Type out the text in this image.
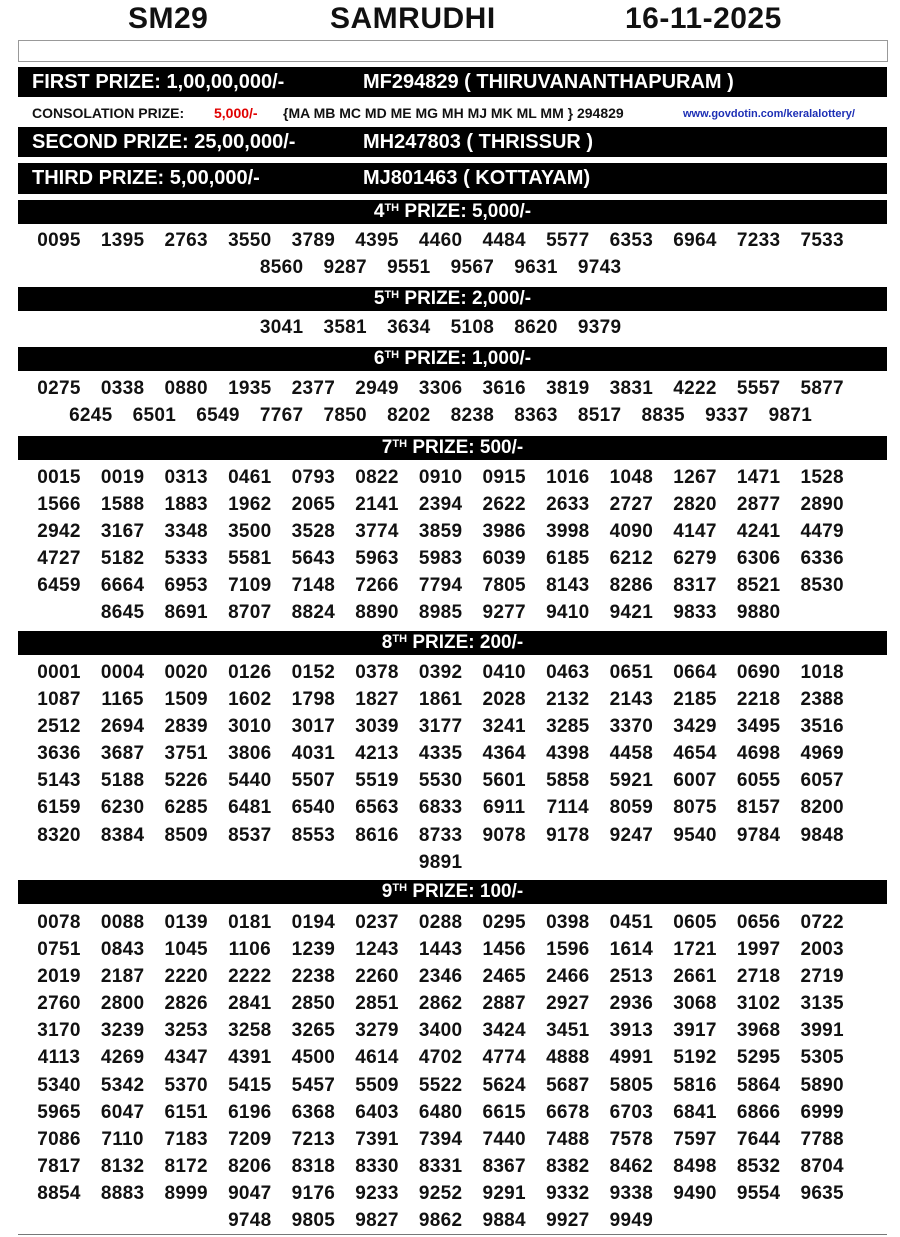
SM29	SAMRUDHI	16-11-2025
FIRST PRIZE: 1,00,00,000/-	MF294829 ( THIRUVANANTHAPURAM )
CONSOLATION PRIZE: 5,000/- {MA MB MC MD ME MG MH MJ MK ML MM } 294829	www.govdotin.com/keralalottery/
SECOND PRIZE: 25,00,000/-	MH247803 ( THRISSUR )
THIRD PRIZE: 5,00,000/-	MJ801463 ( KOTTAYAM)
4TH PRIZE: 5,000/-
0095	1395	2763	3550	3789	4395	4460	4484	5577	6353	6964	7233	7533
8560	9287	9551	9567	9631	9743
5TH PRIZE: 2,000/-
3041	3581	3634	5108	8620	9379
6TH PRIZE: 1,000/-
0275	0338	0880	1935	2377	2949	3306	3616	3819	3831	4222	5557	5877
6245	6501	6549	7767	7850	8202	8238	8363	8517	8835	9337	9871
7TH PRIZE: 500/-
0015	0019	0313	0461	0793	0822	0910	0915	1016	1048	1267	1471	1528
1566	1588	1883	1962	2065	2141	2394	2622	2633	2727	2820	2877	2890
2942	3167	3348	3500	3528	3774	3859	3986	3998	4090	4147	4241	4479
4727	5182	5333	5581	5643	5963	5983	6039	6185	6212	6279	6306	6336
6459	6664	6953	7109	7148	7266	7794	7805	8143	8286	8317	8521	8530
8645	8691	8707	8824	8890	8985	9277	9410	9421	9833	9880
8TH PRIZE: 200/-
0001	0004	0020	0126	0152	0378	0392	0410	0463	0651	0664	0690	1018
1087	1165	1509	1602	1798	1827	1861	2028	2132	2143	2185	2218	2388
2512	2694	2839	3010	3017	3039	3177	3241	3285	3370	3429	3495	3516
3636	3687	3751	3806	4031	4213	4335	4364	4398	4458	4654	4698	4969
5143	5188	5226	5440	5507	5519	5530	5601	5858	5921	6007	6055	6057
6159	6230	6285	6481	6540	6563	6833	6911	7114	8059	8075	8157	8200
8320	8384	8509	8537	8553	8616	8733	9078	9178	9247	9540	9784	9848
9891
9TH PRIZE: 100/-
0078	0088	0139	0181	0194	0237	0288	0295	0398	0451	0605	0656	0722
0751	0843	1045	1106	1239	1243	1443	1456	1596	1614	1721	1997	2003
2019	2187	2220	2222	2238	2260	2346	2465	2466	2513	2661	2718	2719
2760	2800	2826	2841	2850	2851	2862	2887	2927	2936	3068	3102	3135
3170	3239	3253	3258	3265	3279	3400	3424	3451	3913	3917	3968	3991
4113	4269	4347	4391	4500	4614	4702	4774	4888	4991	5192	5295	5305
5340	5342	5370	5415	5457	5509	5522	5624	5687	5805	5816	5864	5890
5965	6047	6151	6196	6368	6403	6480	6615	6678	6703	6841	6866	6999
7086	7110	7183	7209	7213	7391	7394	7440	7488	7578	7597	7644	7788
7817	8132	8172	8206	8318	8330	8331	8367	8382	8462	8498	8532	8704
8854	8883	8999	9047	9176	9233	9252	9291	9332	9338	9490	9554	9635
9748	9805	9827	9862	9884	9927	9949
